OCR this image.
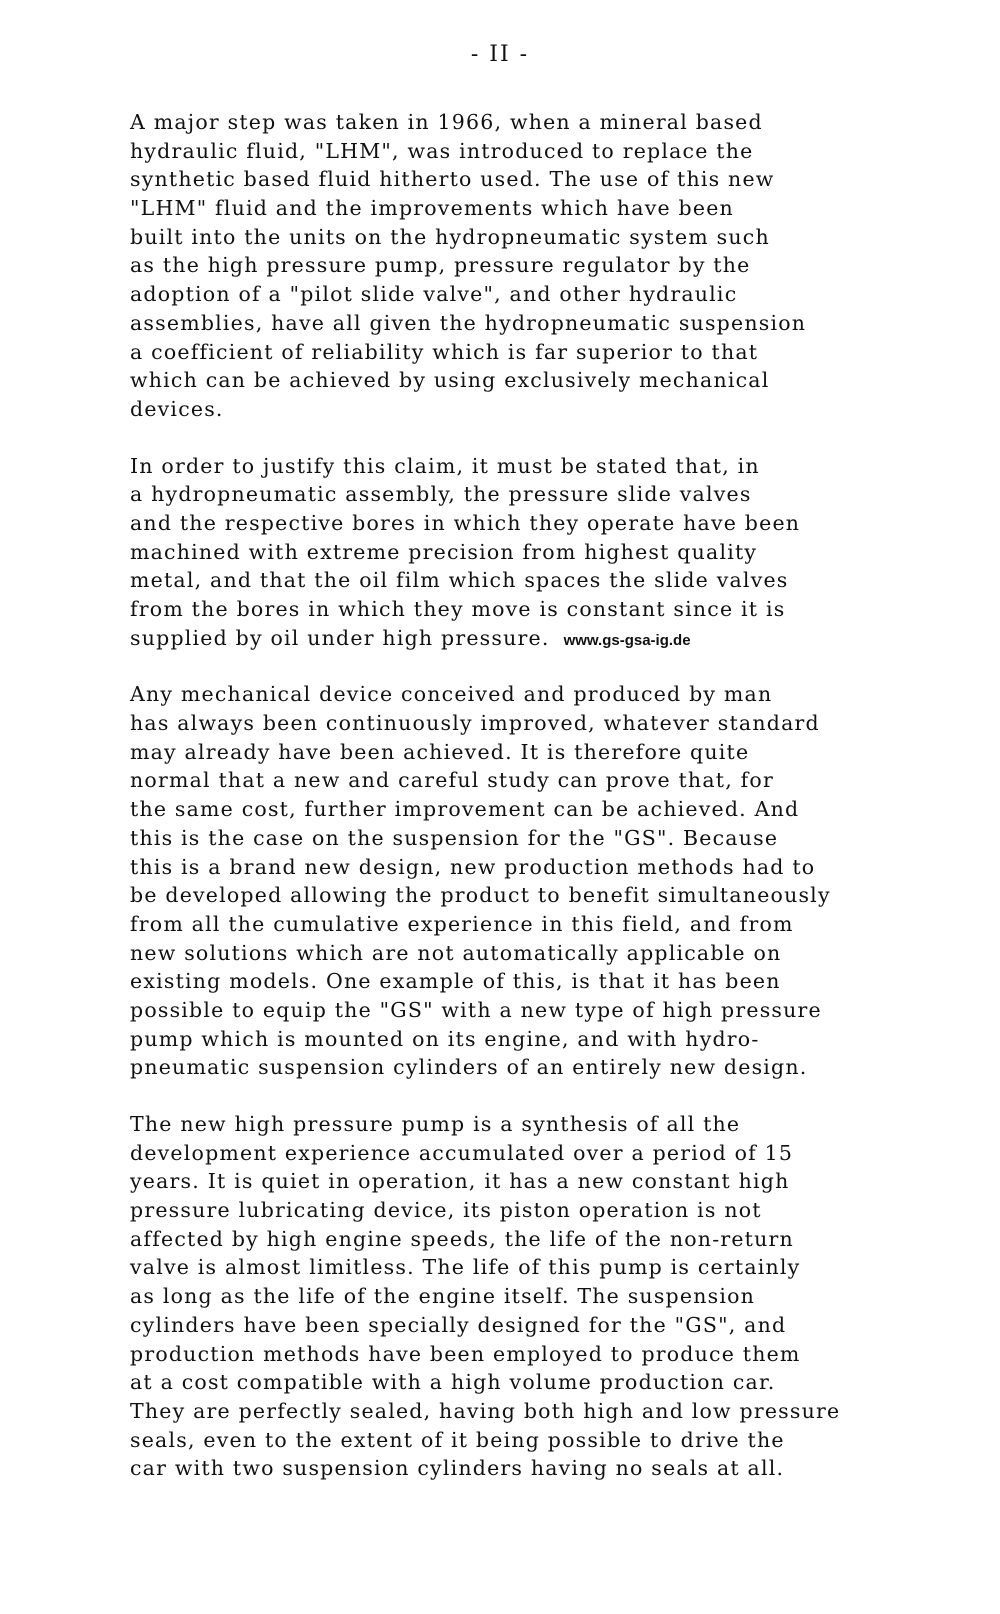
- II -
A major step was taken in 1966, when a mineral based
hydraulic fluid, "LHM", was introduced to replace the
synthetic based fluid hitherto used. The use of this new
"LHM" fluid and the improvements which have been
built into the units on the hydropneumatic system such
as the high pressure pump, pressure regulator by the
adoption of a "pilot slide valve", and other hydraulic
assemblies, have all given the hydropneumatic suspension
a coefficient of reliability which is far superior to that
which can be achieved by using exclusively mechanical
devices.
In order to justify this claim, it must be stated that, in
a hydropneumatic assembly, the pressure slide valves
and the respective bores in which they operate have been
machined with extreme precision from highest quality
metal, and that the oil film which spaces the slide valves
from the bores in which they move is constant since it is
supplied by oil under high pressure. www.gs-gsa-ig.de
Any mechanical device conceived and produced by man
has always been continuously improved, whatever standard
may already have been achieved. It is therefore quite
normal that a new and careful study can prove that, for
the same cost, further improvement can be achieved. And
this is the case on the suspension for the "GS". Because
this is a brand new design, new production methods had to
be developed allowing the product to benefit simultaneously
from all the cumulative experience in this field, and from
new solutions which are not automatically applicable on
existing models. One example of this, is that it has been
possible to equip the "GS" with a new type of high pressure
pump which is mounted on its engine, and with hydro-
pneumatic suspension cylinders of an entirely new design.
The new high pressure pump is a synthesis of all the
development experience accumulated over a period of 15
years. It is quiet in operation, it has a new constant high
pressure lubricating device, its piston operation is not
affected by high engine speeds, the life of the non-return
valve is almost limitless. The life of this pump is certainly
as long as the life of the engine itself. The suspension
cylinders have been specially designed for the "GS", and
production methods have been employed to produce them
at a cost compatible with a high volume production car.
They are perfectly sealed, having both high and low pressure
seals, even to the extent of it being possible to drive the
car with two suspension cylinders having no seals at all.
